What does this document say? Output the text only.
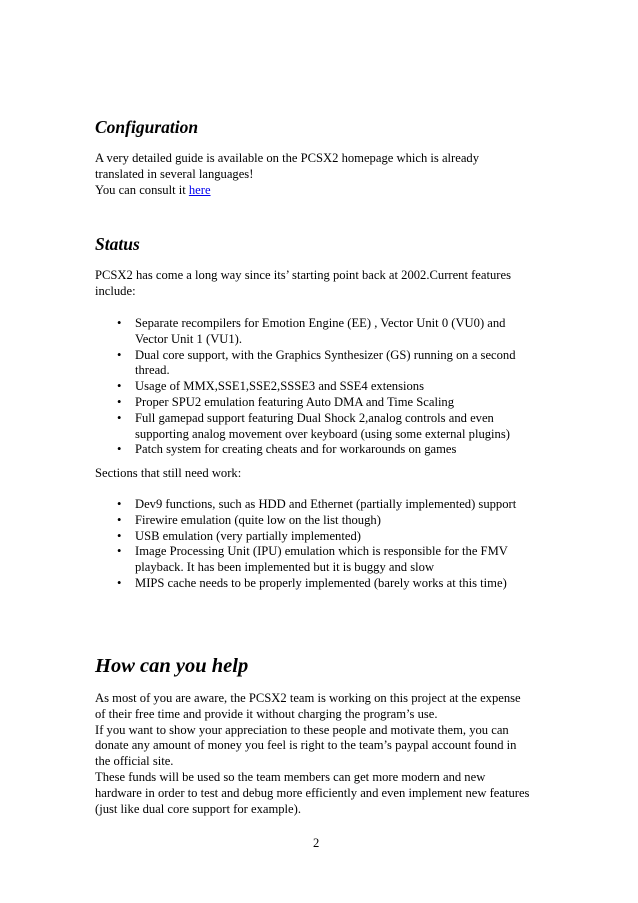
Configuration

A very detailed guide is available on the PCSX2 homepage which is already

translated in several languages!

You can consult it here

Status

PCSX2 has come a long way since its’ starting point back at 2002.Current features

include:

• Separate recompilers for Emotion Engine (EE) , Vector Unit 0 (VU0) and
Vector Unit 1 (VU1).
• Dual core support, with the Graphics Synthesizer (GS) running on a second
thread.
• Usage of MMX,SSE1,SSE2,SSSE3 and SSE4 extensions
• Proper SPU2 emulation featuring Auto DMA and Time Scaling
• Full gamepad support featuring Dual Shock 2,analog controls and even
supporting analog movement over keyboard (using some external plugins)
• Patch system for creating cheats and for workarounds on games

Sections that still need work:

• Dev9 functions, such as HDD and Ethernet (partially implemented) support
• Firewire emulation (quite low on the list though)
• USB emulation (very partially implemented)
• Image Processing Unit (IPU) emulation which is responsible for the FMV
playback. It has been implemented but it is buggy and slow
• MIPS cache needs to be properly implemented (barely works at this time)
How can you help

As most of you are aware, the PCSX2 team is working on this project at the expense

of their free time and provide it without charging the program’s use.

If you want to show your appreciation to these people and motivate them, you can

donate any amount of money you feel is right to the team’s paypal account found in

the official site.

These funds will be used so the team members can get more modern and new

hardware in order to test and debug more efficiently and even implement new features

(just like dual core support for example).

2
